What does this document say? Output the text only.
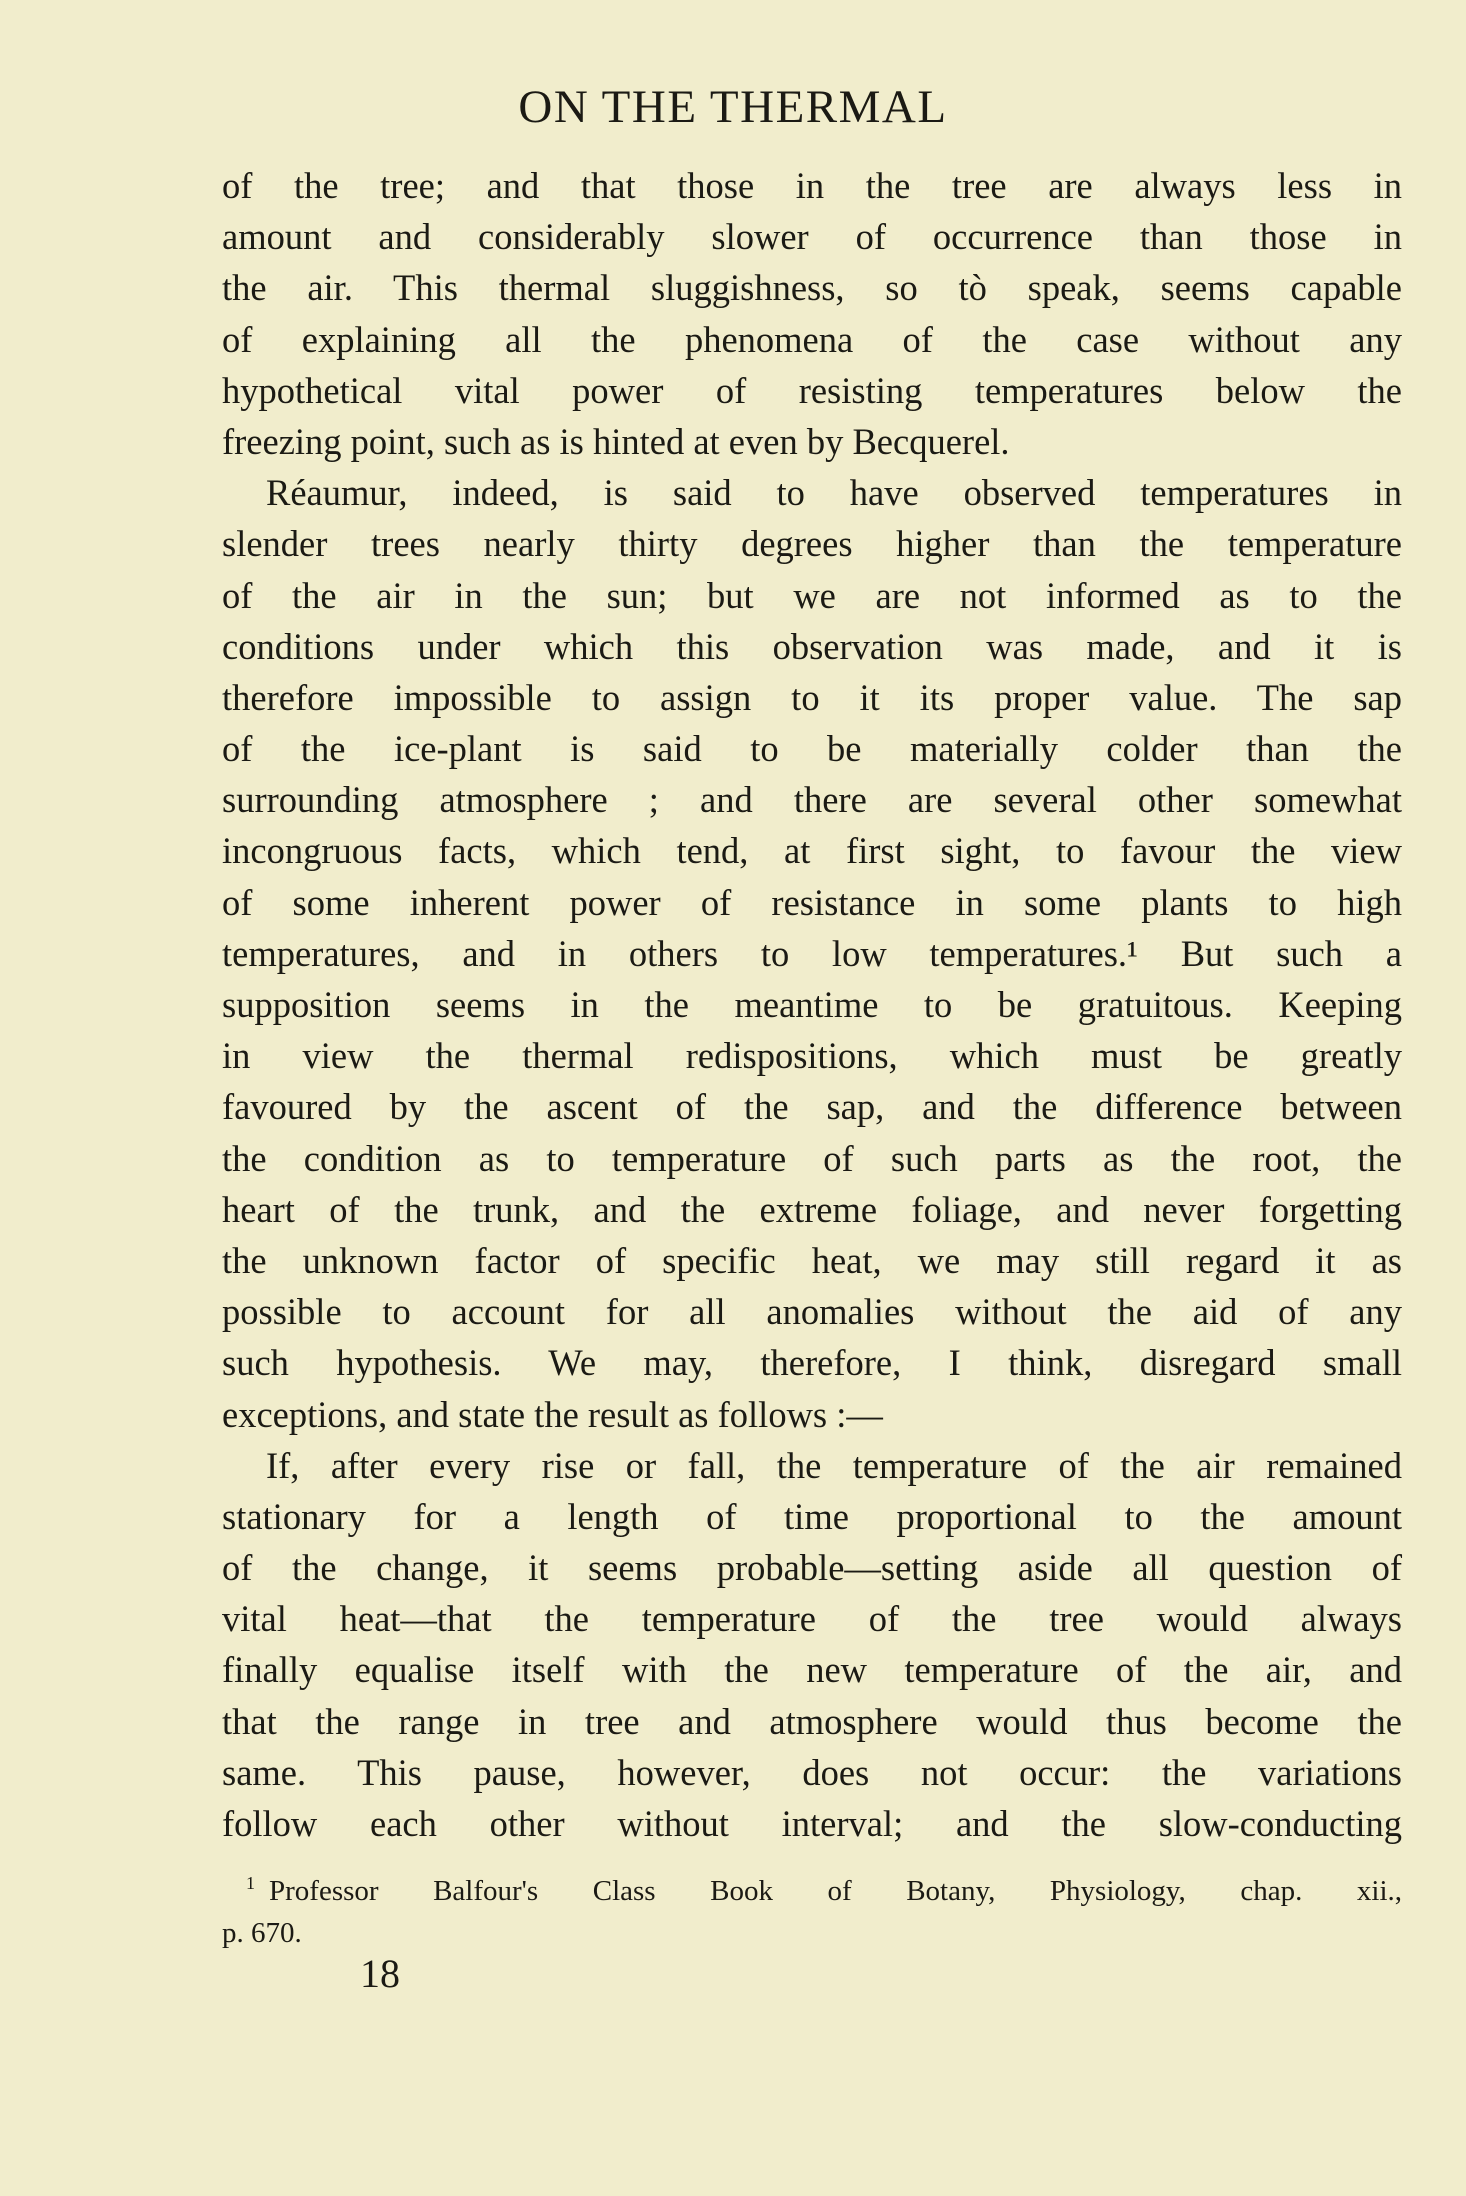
ON THE THERMAL
of the tree; and that those in the tree are always less in
amount and considerably slower of occurrence than those in
the air. This thermal sluggishness, so tò speak, seems capable
of explaining all the phenomena of the case without any
hypothetical vital power of resisting temperatures below the
freezing point, such as is hinted at even by Becquerel.
Réaumur, indeed, is said to have observed temperatures in
slender trees nearly thirty degrees higher than the temperature
of the air in the sun; but we are not informed as to the
conditions under which this observation was made, and it is
therefore impossible to assign to it its proper value. The sap
of the ice-plant is said to be materially colder than the
surrounding atmosphere ; and there are several other somewhat
incongruous facts, which tend, at first sight, to favour the view
of some inherent power of resistance in some plants to high
temperatures, and in others to low temperatures.¹ But such a
supposition seems in the meantime to be gratuitous. Keeping
in view the thermal redispositions, which must be greatly
favoured by the ascent of the sap, and the difference between
the condition as to temperature of such parts as the root, the
heart of the trunk, and the extreme foliage, and never forgetting
the unknown factor of specific heat, we may still regard it as
possible to account for all anomalies without the aid of any
such hypothesis. We may, therefore, I think, disregard small
exceptions, and state the result as follows :—
If, after every rise or fall, the temperature of the air remained
stationary for a length of time proportional to the amount
of the change, it seems probable—setting aside all question of
vital heat—that the temperature of the tree would always
finally equalise itself with the new temperature of the air, and
that the range in tree and atmosphere would thus become the
same. This pause, however, does not occur: the variations
follow each other without interval; and the slow-conducting
$^1$ Professor Balfour's Class Book of Botany, Physiology, chap. xii.,
p. 670.
18
